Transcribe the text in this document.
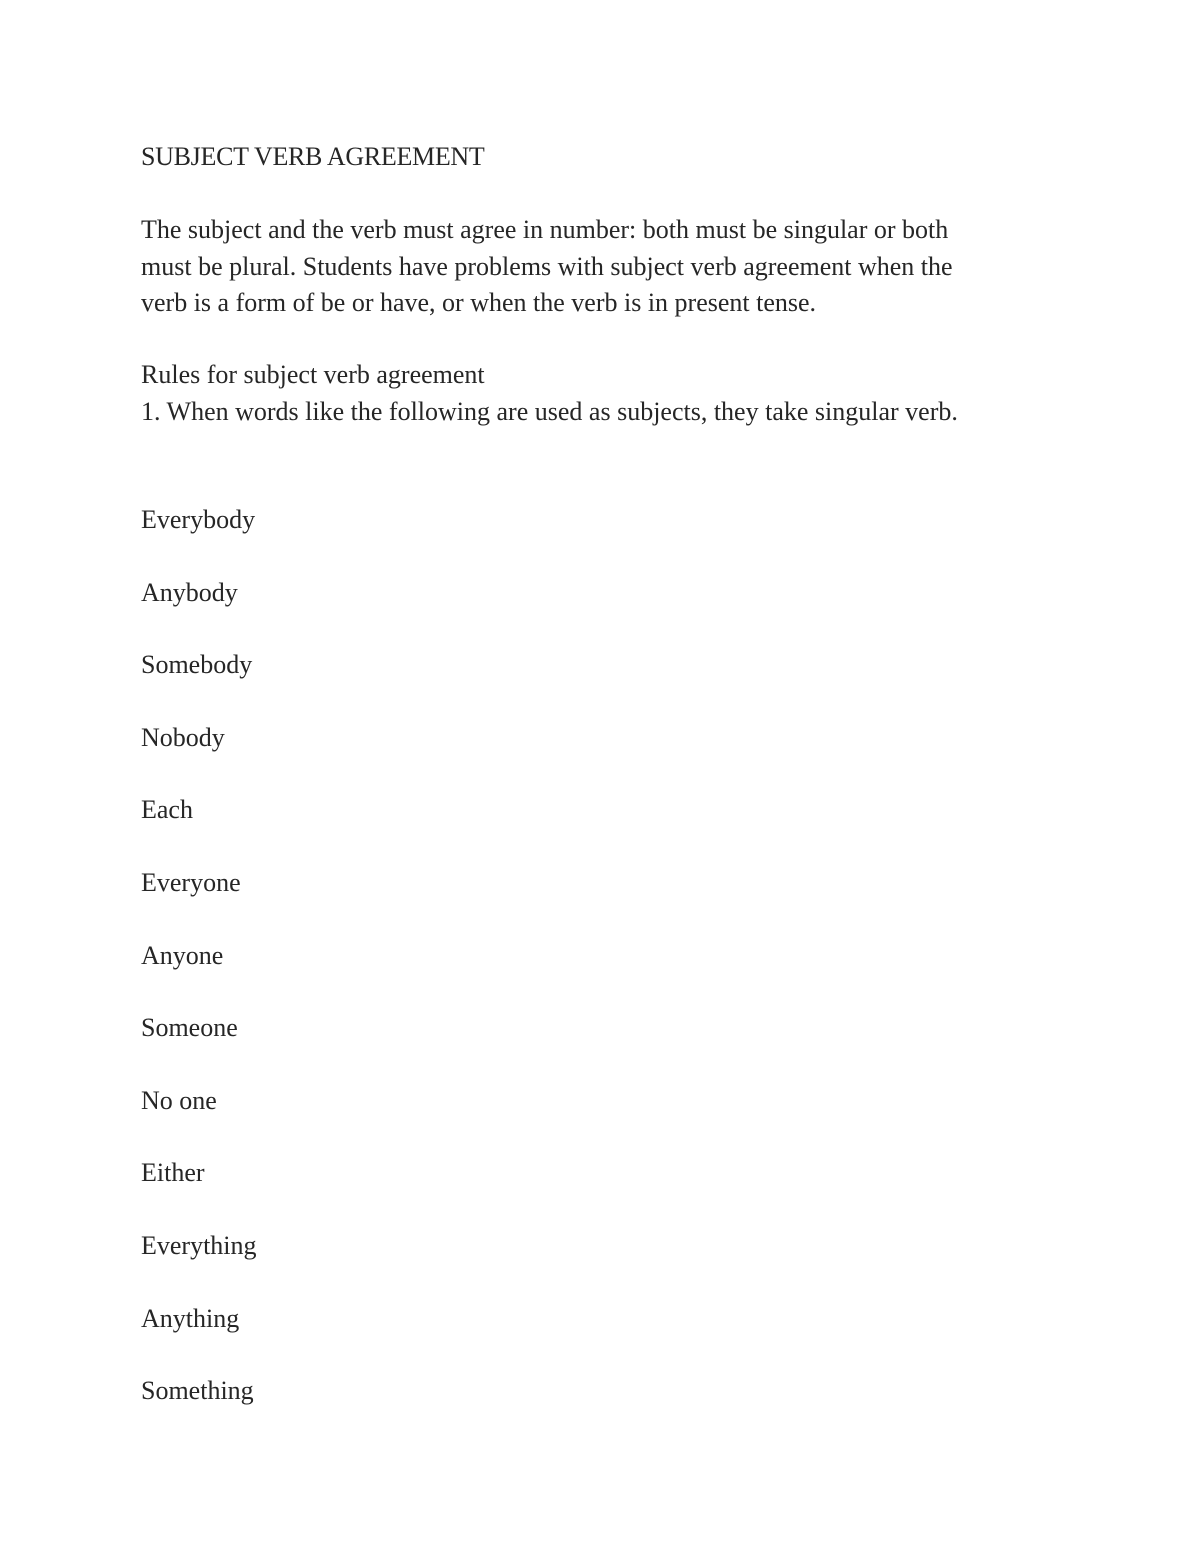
SUBJECT VERB AGREEMENT

The subject and the verb must agree in number: both must be singular or both
must be plural. Students have problems with subject verb agreement when the
verb is a form of be or have, or when the verb is in present tense.

Rules for subject verb agreement

1. When words like the following are used as subjects, they take singular verb.

Everybody
Anybody
Somebody
Nobody
Each
Everyone
Anyone
Someone
No one
Either
Everything
Anything
Something
